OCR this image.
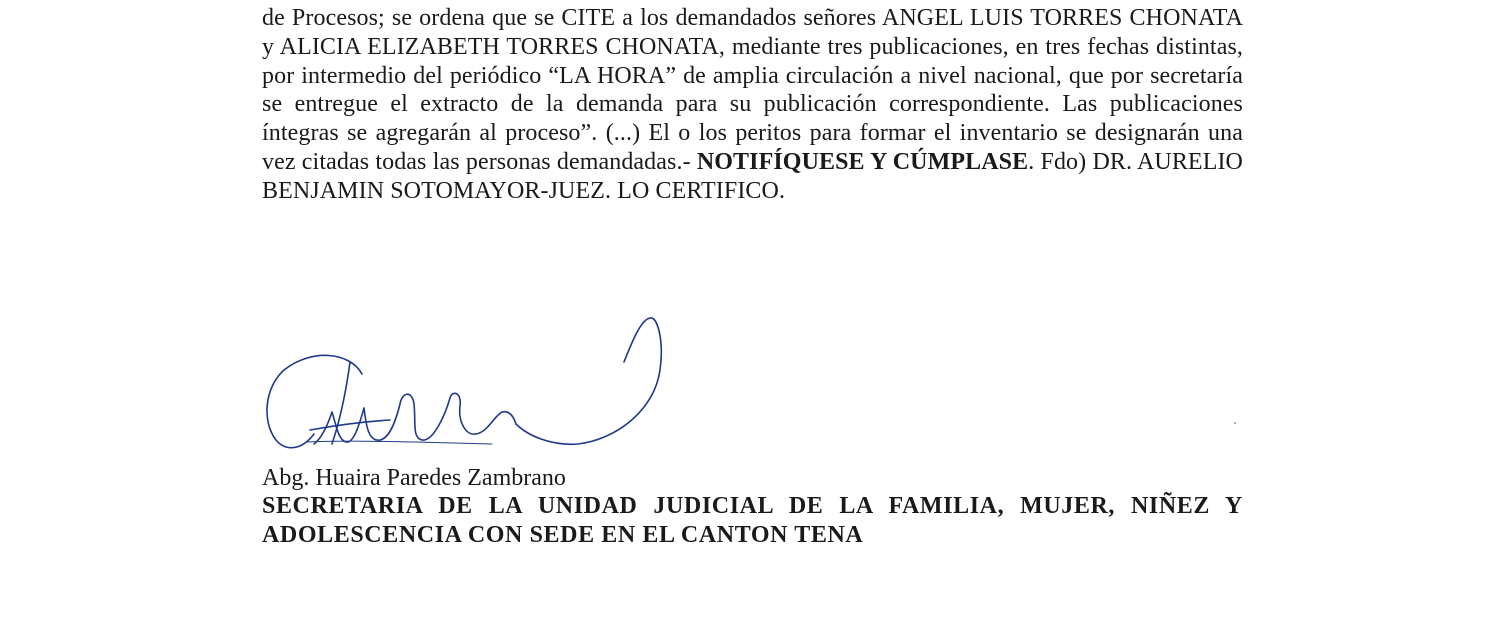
de Procesos; se ordena que se CITE a los demandados señores ANGEL LUIS TORRES CHONATA y ALICIA ELIZABETH TORRES CHONATA, mediante tres publicaciones, en tres fechas distintas, por intermedio del periódico “LA HORA” de amplia circulación a nivel nacional, que por secretaría se entregue el extracto de la demanda para su publicación correspondiente. Las publicaciones íntegras se agregarán al proceso”. (...) El o los peritos para formar el inventario se designarán una vez citadas todas las personas demandadas.- NOTIFÍQUESE Y CÚMPLASE. Fdo) DR. AURELIO BENJAMIN SOTOMAYOR-JUEZ. LO CERTIFICO.

Abg. Huaira Paredes Zambrano

SECRETARIA DE LA UNIDAD JUDICIAL DE LA FAMILIA, MUJER, NIÑEZ Y ADOLESCENCIA CON SEDE EN EL CANTON TENA
